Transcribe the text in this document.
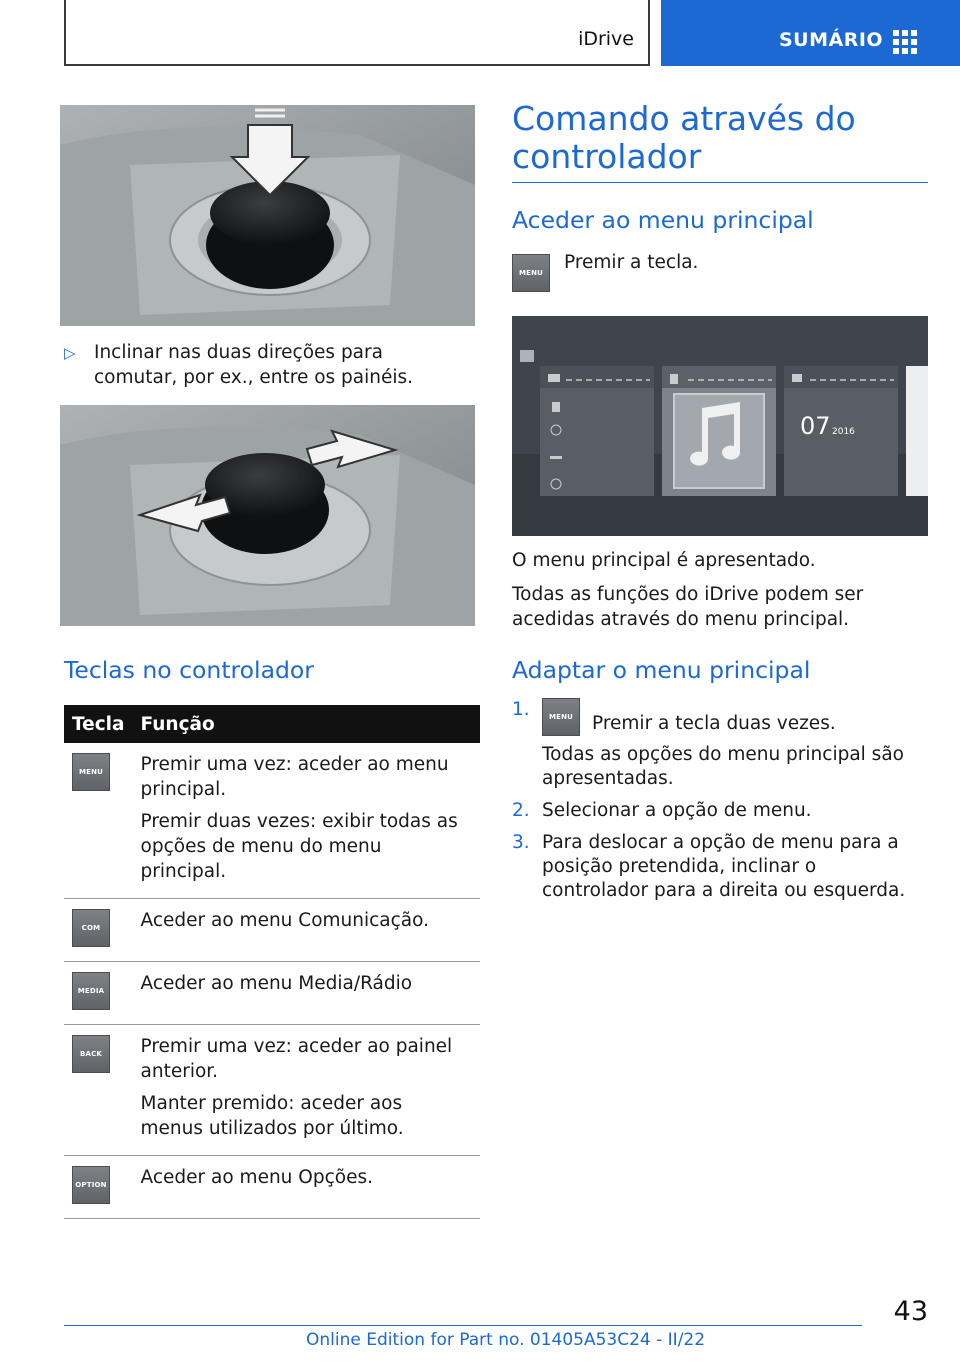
iDrive	SUMÁRIO
▷ Inclinar nas duas direções para comutar, por ex., entre os painéis.
Teclas no controlador
Tecla	Função

MENU	Premir uma vez: aceder ao menu principal.

Premir duas vezes: exibir todas as opções de menu do menu principal.

COM	Aceder ao menu Comunicação.

MEDIA	Aceder ao menu Media/Rádio

BACK	Premir uma vez: aceder ao painel anterior.

Manter premido: aceder aos menus utilizados por último.

OPTION	Aceder ao menu Opções.

Comando através do controlador
Aceder ao menu principal
MENU	Premir a tecla.

07 2016

O menu principal é apresentado.

Todas as funções do iDrive podem ser acedidas através do menu principal.

Adaptar o menu principal
1.	MENU	Premir a tecla duas vezes.

Todas as opções do menu principal são apresentadas.

2. Selecionar a opção de menu.

3. Para deslocar a opção de menu para a posição pretendida, inclinar o controlador para a direita ou esquerda.

43
Online Edition for Part no. 01405A53C24 - II/22
